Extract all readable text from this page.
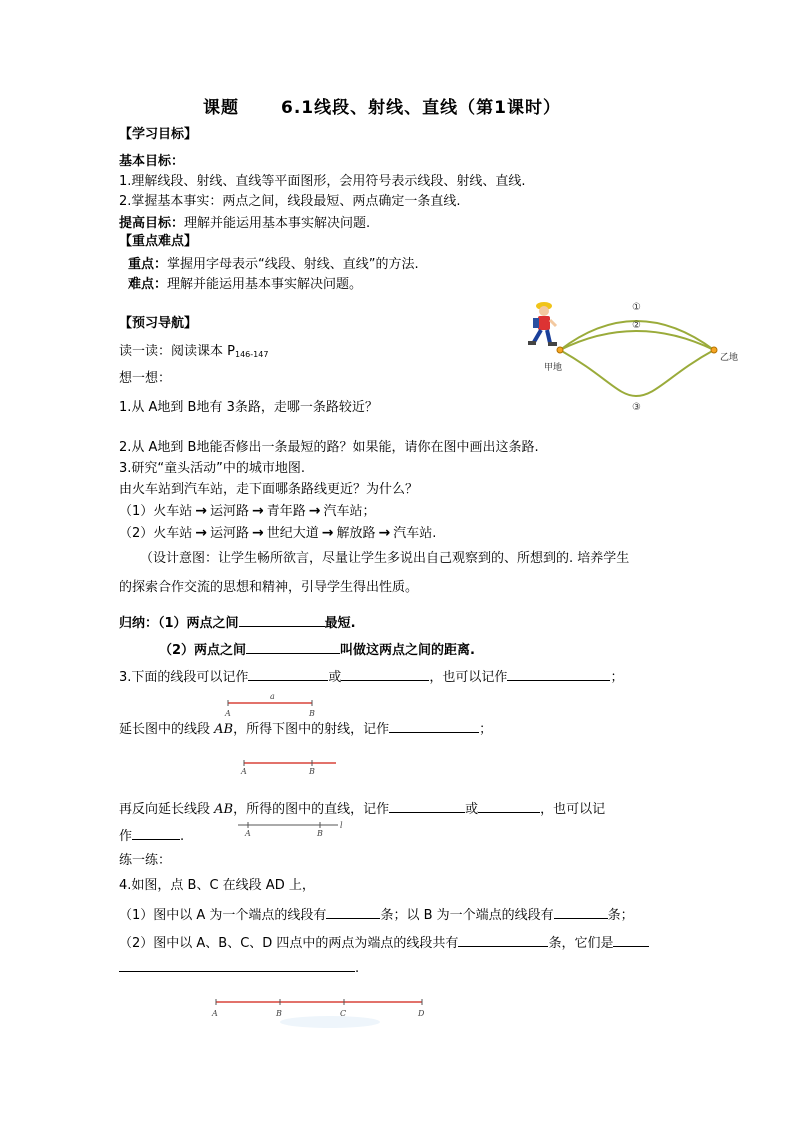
课题 6.1线段、射线、直线（第1课时）
【学习目标】
基本目标：
1.理解线段、射线、直线等平面图形，会用符号表示线段、射线、直线.
2.掌握基本事实：两点之间，线段最短、两点确定一条直线.
提高目标：理解并能运用基本事实解决问题.
【重点难点】
重点：掌握用字母表示“线段、射线、直线”的方法.
难点：理解并能运用基本事实解决问题。
【预习导航】
读一读：阅读课本 $P_{146-147}$
想一想：
1.从 A地到 B地有 3条路，走哪一条路较近？
2.从 A地到 B地能否修出一条最短的路？如果能，请你在图中画出这条路.
3.研究“童头活动”中的城市地图.
由火车站到汽车站，走下面哪条路线更近？为什么？
（1）火车站 → 运河路 → 青年路 → 汽车站；
（2）火车站 → 运河路 → 世纪大道 → 解放路 → 汽车站.
（设计意图：让学生畅所欲言，尽量让学生多说出自己观察到的、所想到的. 培养学生
的探索合作交流的思想和精神，引导学生得出性质。
归纳：（1）两点之间	最短.
（2）两点之间	叫做这两点之间的距离.
3.下面的线段可以记作	或	，也可以记作	；
a
A	B
延长图中的线段 AB，所得下图中的射线，记作	；
A	B
再反向延长线段 AB，所得的图中的直线，记作	或	，也可以记
作	.	A	B
l
练一练：
4.如图，点 B、C 在线段 AD 上，
（1）图中以 A 为一个端点的线段有	条；以 B 为一个端点的线段有	条；
（2）图中以 A、B、C、D 四点中的两点为端点的线段共有	条，它们是
.
A	B	C	D
①
②
③
甲地
乙地
